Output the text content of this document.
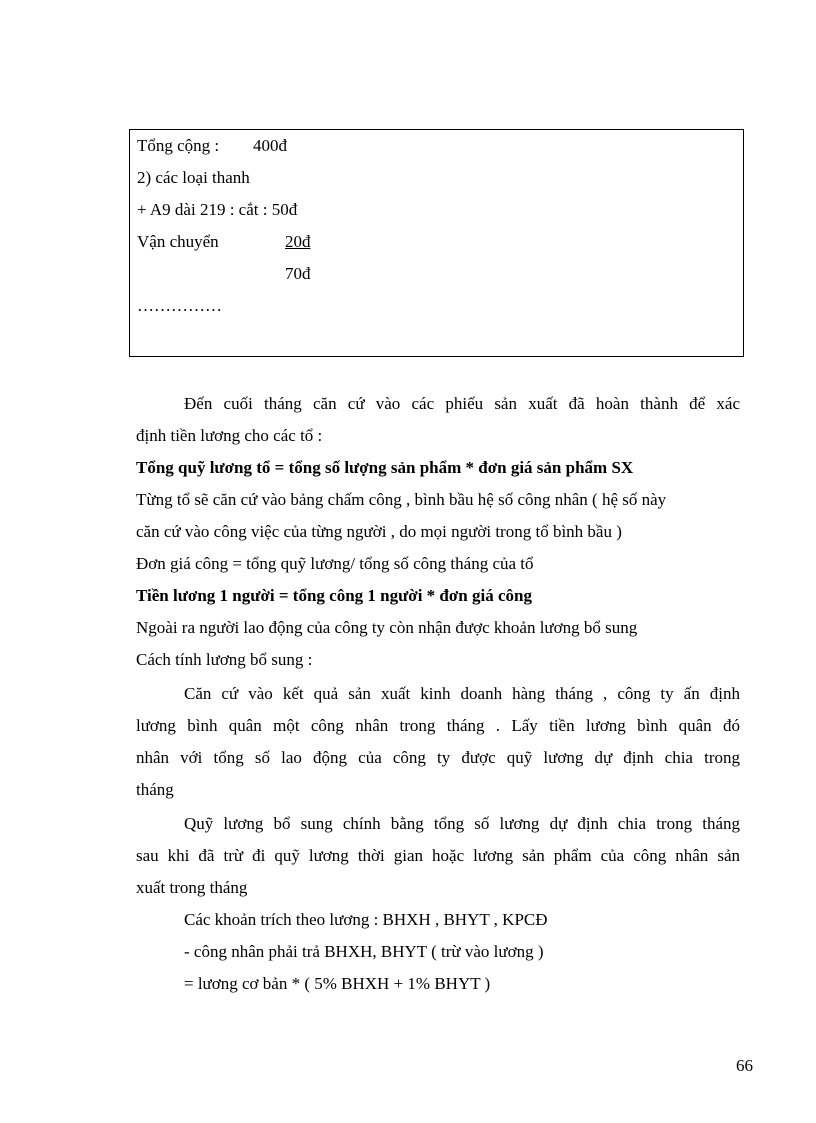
Tổng cộng : 400đ
2) các loại thanh
+ A9 dài 219 : cắt : 50đ
Vận chuyển	20đ
70đ
……………
Đến cuối tháng căn cứ vào các phiếu sản xuất đã hoàn thành để xác
định tiền lương cho các tổ :
Tổng quỹ lương tổ = tổng số lượng sản phẩm * đơn giá sản phẩm SX
Từng tổ sẽ căn cứ vào bảng chấm công , bình bầu hệ số công nhân ( hệ số này
căn cứ vào công việc của từng người , do mọi người trong tổ bình bầu )
Đơn giá công = tổng quỹ lương/ tổng số công tháng của tổ
Tiền lương 1 người = tổng công 1 người * đơn giá công
Ngoài ra người lao động của công ty còn nhận được khoản lương bổ sung
Cách tính lương bổ sung :
Căn cứ vào kết quả sản xuất kinh doanh hàng tháng , công ty ấn định
lương bình quân một công nhân trong tháng . Lấy tiền lương bình quân đó
nhân với tổng số lao động của công ty được quỹ lương dự định chia trong
tháng
Quỹ lương bổ sung chính bằng tổng số lương dự định chia trong tháng
sau khi đã trừ đi quỹ lương thời gian hoặc lương sản phẩm của công nhân sản
xuất trong tháng
Các khoản trích theo lương : BHXH , BHYT , KPCĐ
- công nhân phải trả BHXH, BHYT ( trừ vào lương )
= lương cơ bản * ( 5% BHXH + 1% BHYT )
66
